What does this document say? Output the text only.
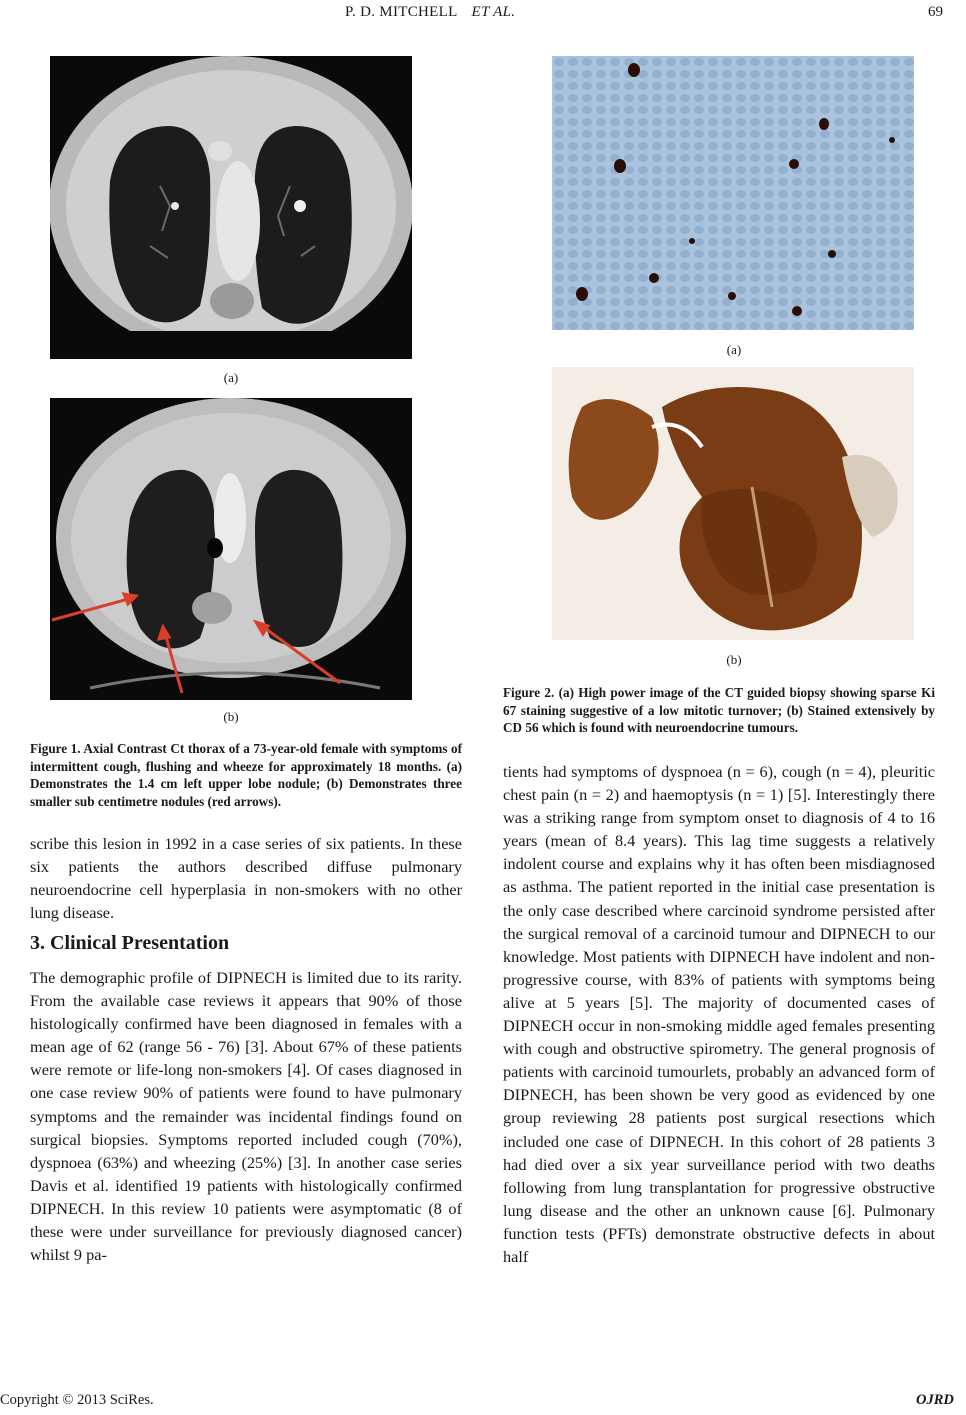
P. D. MITCHELL ET AL.	69
(a)
(b)
Figure 1. Axial Contrast Ct thorax of a 73-year-old female with symptoms of intermittent cough, flushing and wheeze for approximately 18 months. (a) Demonstrates the 1.4 cm left upper lobe nodule; (b) Demonstrates three smaller sub centimetre nodules (red arrows).

scribe this lesion in 1992 in a case series of six patients. In these six patients the authors described diffuse pulmonary neuroendocrine cell hyperplasia in non-smokers with no other lung disease.

3. Clinical Presentation

The demographic profile of DIPNECH is limited due to its rarity. From the available case reviews it appears that 90% of those histologically confirmed have been diagnosed in females with a mean age of 62 (range 56 - 76) [3]. About 67% of these patients were remote or life-long non-smokers [4]. Of cases diagnosed in one case review 90% of patients were found to have pulmonary symptoms and the remainder was incidental findings found on surgical biopsies. Symptoms reported included cough (70%), dyspnoea (63%) and wheezing (25%) [3]. In another case series Davis et al. identified 19 patients with histologically confirmed DIPNECH. In this review 10 patients were asymptomatic (8 of these were under surveillance for previously diagnosed cancer) whilst 9 pa-

(a)
(b)
Figure 2. (a) High power image of the CT guided biopsy showing sparse Ki 67 staining suggestive of a low mitotic turnover; (b) Stained extensively by CD 56 which is found with neuroendocrine tumours.

tients had symptoms of dyspnoea (n = 6), cough (n = 4), pleuritic chest pain (n = 2) and haemoptysis (n = 1) [5]. Interestingly there was a striking range from symptom onset to diagnosis of 4 to 16 years (mean of 8.4 years). This lag time suggests a relatively indolent course and explains why it has often been misdiagnosed as asthma. The patient reported in the initial case presentation is the only case described where carcinoid syndrome persisted after the surgical removal of a carcinoid tumour and DIPNECH to our knowledge. Most patients with DIPNECH have indolent and non-progressive course, with 83% of patients with symptoms being alive at 5 years [5]. The majority of documented cases of DIPNECH occur in non-smoking middle aged females presenting with cough and obstructive spirometry. The general prognosis of patients with carcinoid tumourlets, probably an advanced form of DIPNECH, has been shown be very good as evidenced by one group reviewing 28 patients post surgical resections which included one case of DIPNECH. In this cohort of 28 patients 3 had died over a six year surveillance period with two deaths following from lung transplantation for progressive obstructive lung disease and the other an unknown cause [6]. Pulmonary function tests (PFTs) demonstrate obstructive defects in about half

Copyright © 2013 SciRes.	OJRD
